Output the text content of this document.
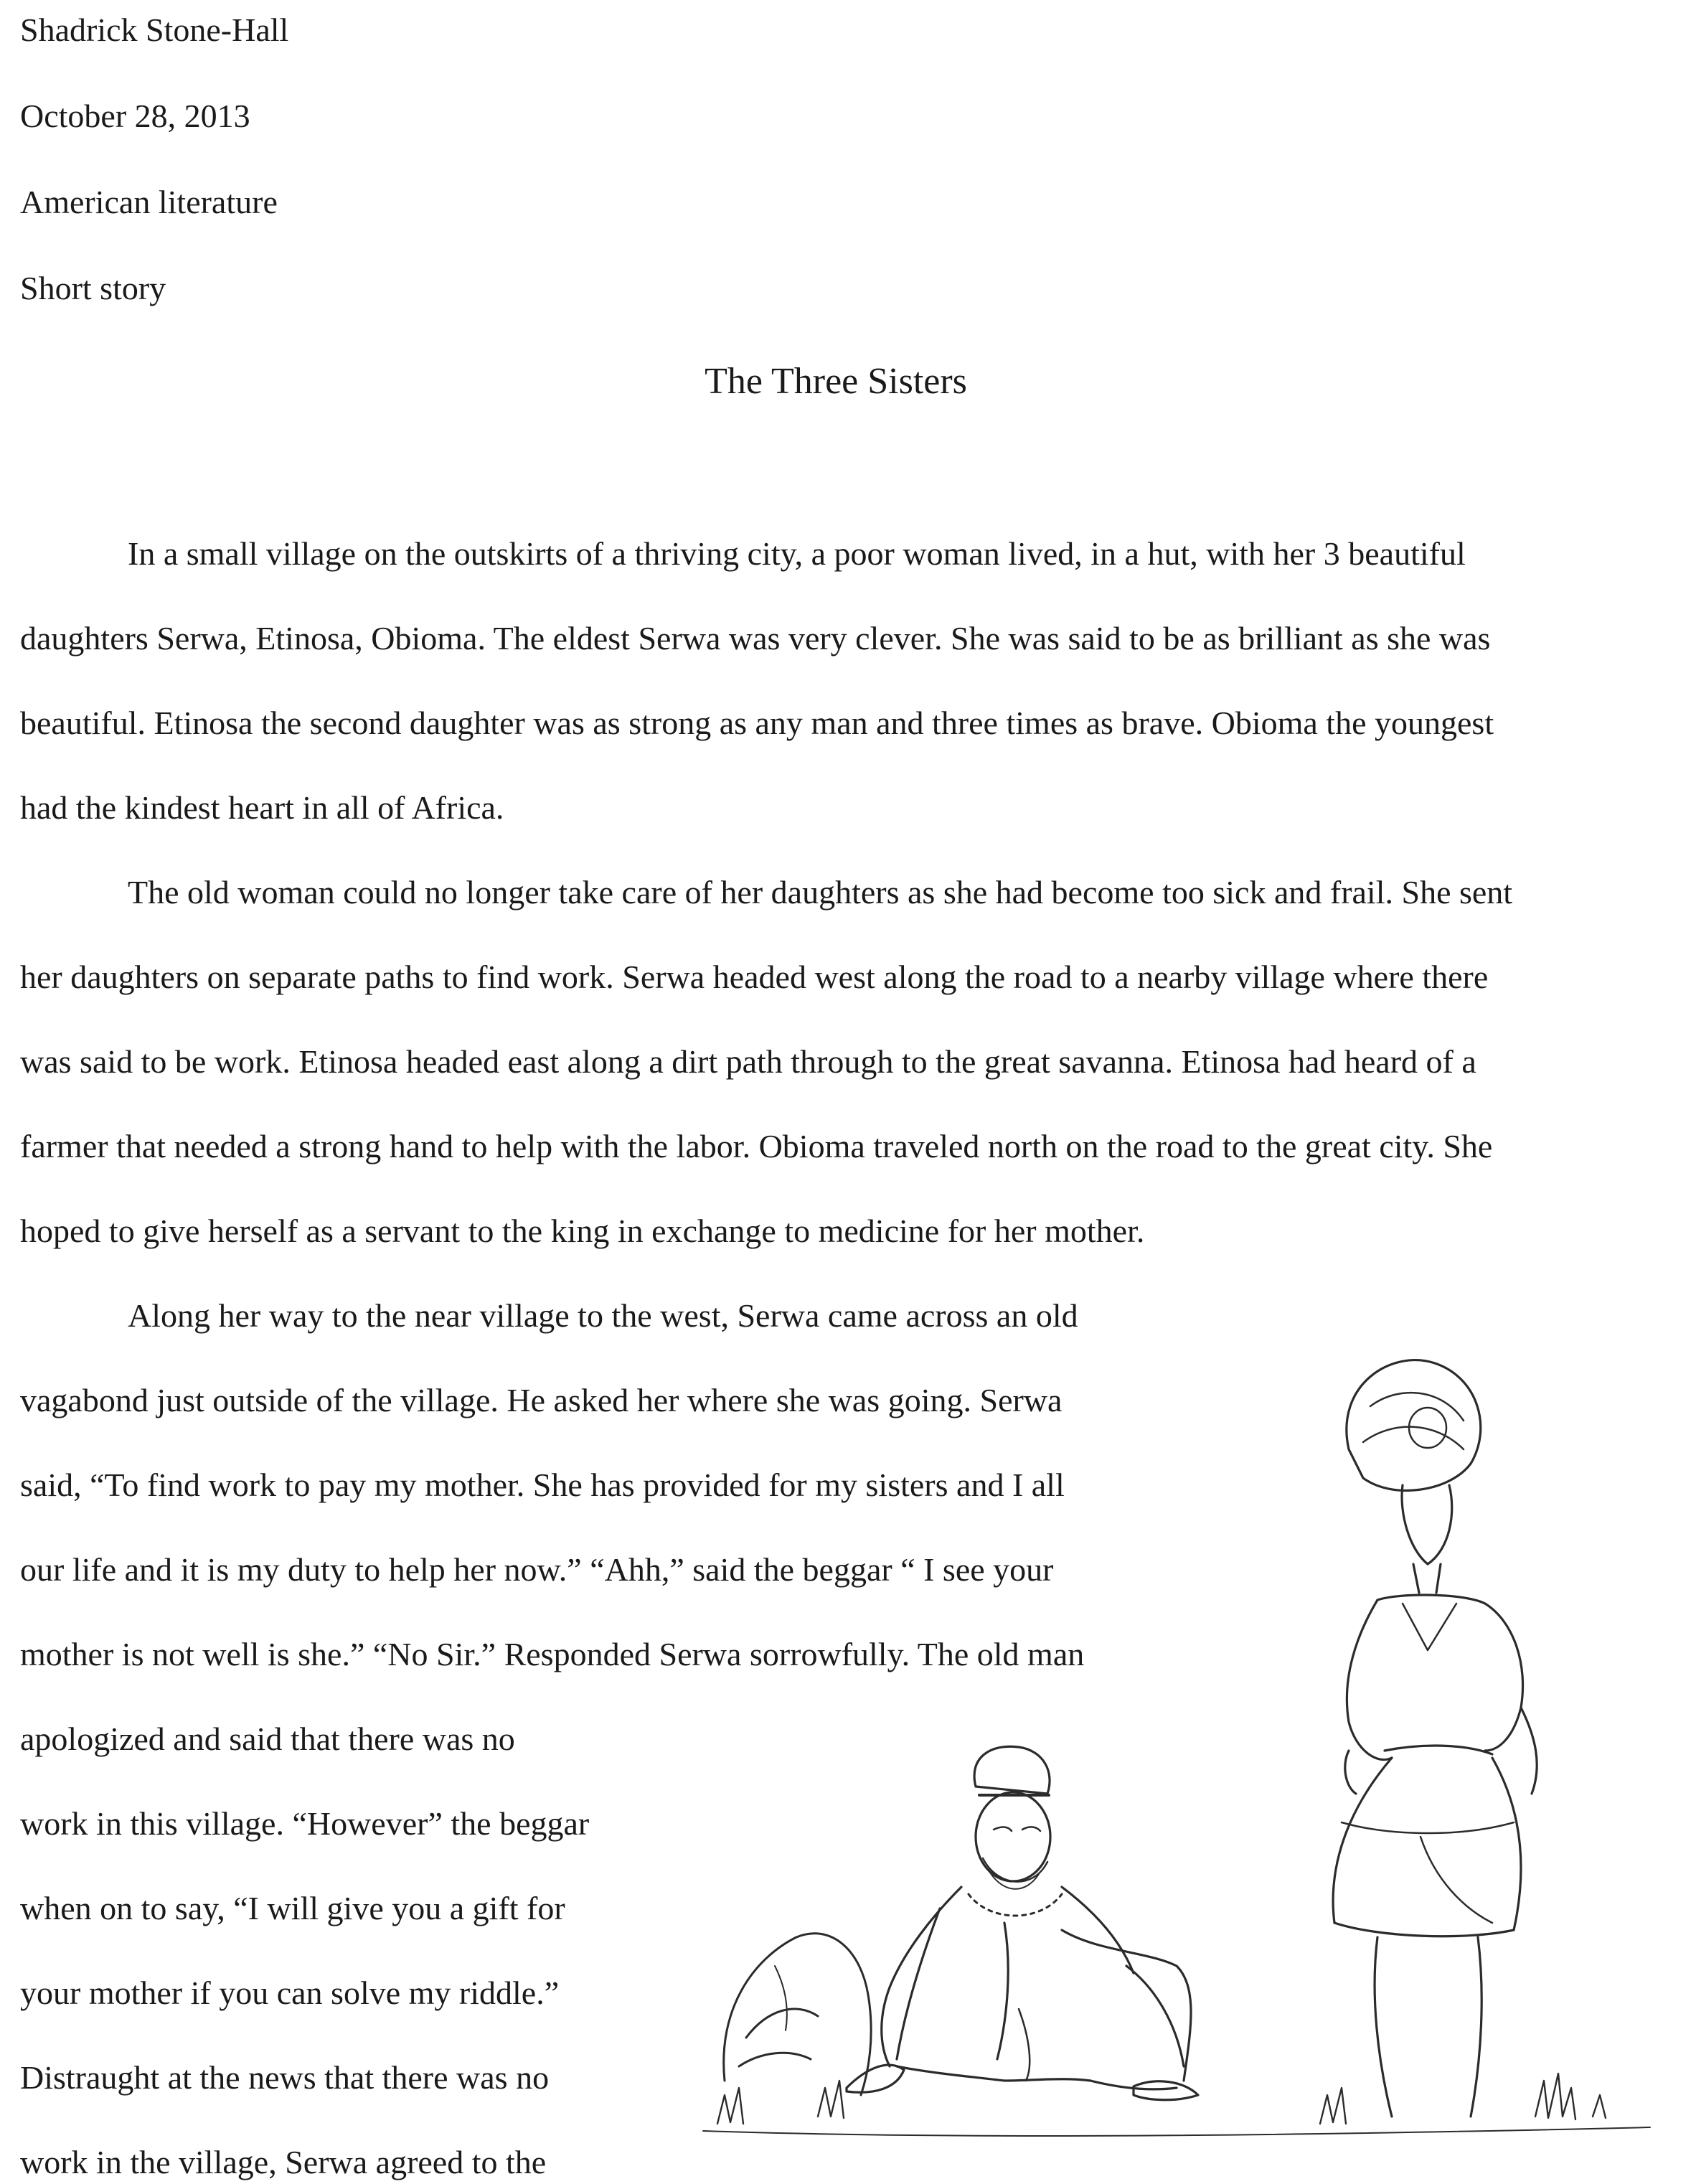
Shadrick Stone-Hall
October 28, 2013
American literature
Short story
The Three Sisters
In a small village on the outskirts of a thriving city, a poor woman lived, in a hut, with her 3 beautiful
daughters Serwa, Etinosa, Obioma. The eldest Serwa was very clever. She was said to be as brilliant as she was
beautiful. Etinosa the second daughter was as strong as any man and three times as brave. Obioma the youngest
had the kindest heart in all of Africa.
The old woman could no longer take care of her daughters as she had become too sick and frail. She sent
her daughters on separate paths to find work. Serwa headed west along the road to a nearby village where there
was said to be work. Etinosa headed east along a dirt path through to the great savanna. Etinosa had heard of a
farmer that needed a strong hand to help with the labor. Obioma traveled north on the road to the great city. She
hoped to give herself as a servant to the king in exchange to medicine for her mother.
Along her way to the near village to the west, Serwa came across an old
vagabond just outside of the village. He asked her where she was going. Serwa
said, “To find work to pay my mother. She has provided for my sisters and I all
our life and it is my duty to help her now.” “Ahh,” said the beggar “ I see your
mother is not well is she.” “No Sir.” Responded Serwa sorrowfully. The old man
apologized and said that there was no
work in this village. “However” the beggar
when on to say, “I will give you a gift for
your mother if you can solve my riddle.”
Distraught at the news that there was no
work in the village, Serwa agreed to the
